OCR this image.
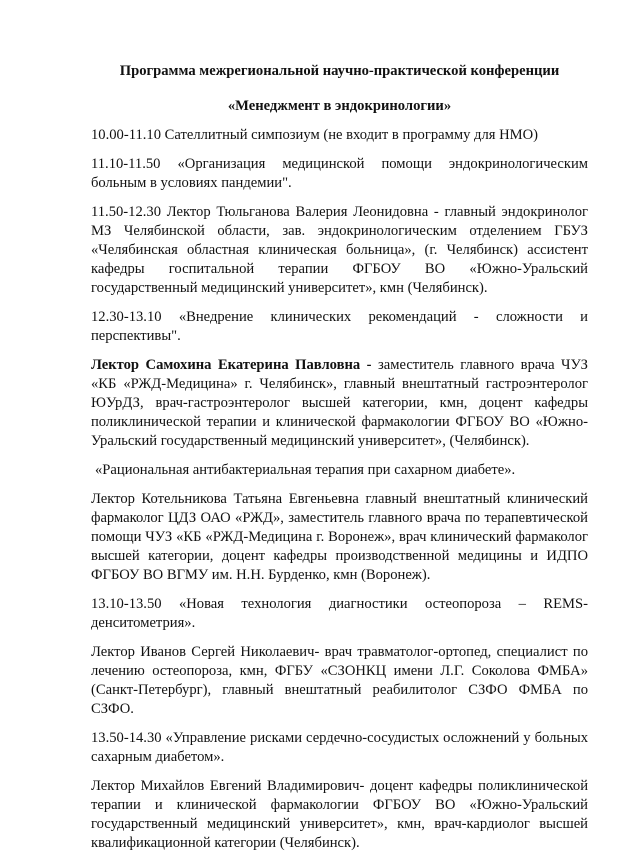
Программа межрегиональной научно-практической конференции

«Менеджмент в эндокринологии»

10.00-11.10 Сателлитный симпозиум (не входит в программу для НМО)

11.10-11.50 «Организация медицинской помощи эндокринологическим больным в условиях пандемии".

11.50-12.30 Лектор Тюльганова Валерия Леонидовна - главный эндокринолог МЗ Челябинской области, зав. эндокринологическим отделением ГБУЗ «Челябинская областная клиническая больница», (г. Челябинск) ассистент кафедры госпитальной терапии ФГБОУ ВО «Южно-Уральский государственный медицинский университет», кмн (Челябинск).

12.30-13.10 «Внедрение клинических рекомендаций - сложности и перспективы".

Лектор Самохина Екатерина Павловна - заместитель главного врача ЧУЗ «КБ «РЖД-Медицина» г. Челябинск», главный внештатный гастроэнтеролог ЮУрДЗ, врач-гастроэнтеролог высшей категории, кмн, доцент кафедры поликлинической терапии и клинической фармакологии ФГБОУ ВО «Южно-Уральский государственный медицинский университет», (Челябинск).

«Рациональная антибактериальная терапия при сахарном диабете».

Лектор Котельникова Татьяна Евгеньевна главный внештатный клинический фармаколог ЦДЗ ОАО «РЖД», заместитель главного врача по терапевтической помощи ЧУЗ «КБ «РЖД-Медицина г. Воронеж», врач клинический фармаколог высшей категории, доцент кафедры производственной медицины и ИДПО ФГБОУ ВО ВГМУ им. Н.Н. Бурденко, кмн (Воронеж).

13.10-13.50 «Новая технология диагностики остеопороза – REMS-денситометрия».

Лектор Иванов Сергей Николаевич- врач травматолог-ортопед, специалист по лечению остеопороза, кмн, ФГБУ «СЗОНКЦ имени Л.Г. Соколова ФМБА» (Санкт-Петербург), главный внештатный реабилитолог СЗФО ФМБА по СЗФО.

13.50-14.30 «Управление рисками сердечно-сосудистых осложнений у больных сахарным диабетом».

Лектор Михайлов Евгений Владимирович- доцент кафедры поликлинической терапии и клинической фармакологии ФГБОУ ВО «Южно-Уральский государственный медицинский университет», кмн, врач-кардиолог высшей квалификационной категории (Челябинск).
